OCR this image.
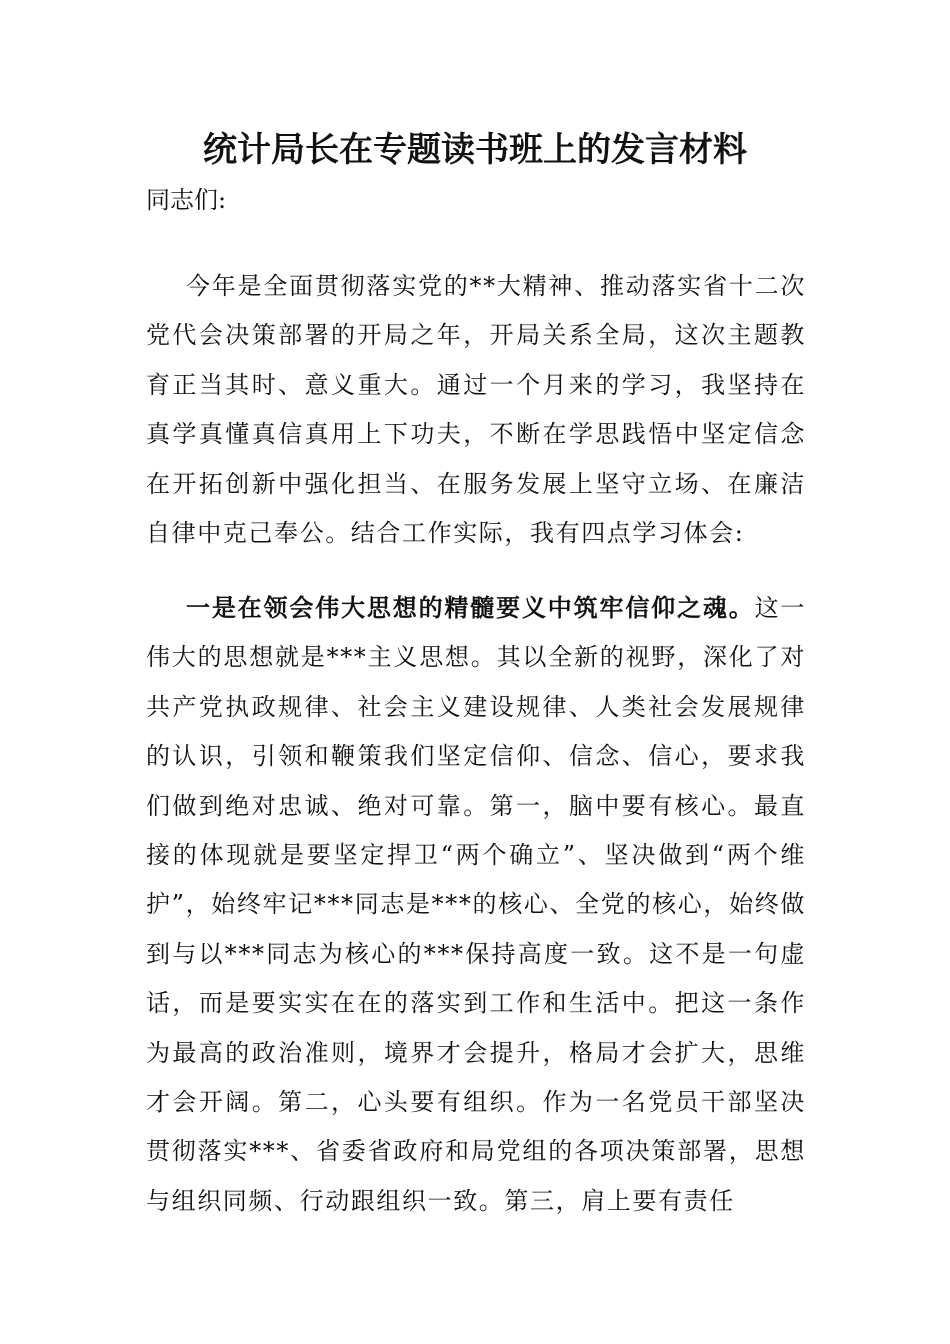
统计局长在专题读书班上的发言材料

同志们:

今年是全面贯彻落实党的**大精神、推动落实省十二次党代会决策部署的开局之年，开局关系全局，这次主题教育正当其时、意义重大。通过一个月来的学习，我坚持在真学真懂真信真用上下功夫，不断在学思践悟中坚定信念在开拓创新中强化担当、在服务发展上坚守立场、在廉洁自律中克己奉公。结合工作实际，我有四点学习体会:

一是在领会伟大思想的精髓要义中筑牢信仰之魂。这一伟大的思想就是***主义思想。其以全新的视野，深化了对共产党执政规律、社会主义建设规律、人类社会发展规律的认识，引领和鞭策我们坚定信仰、信念、信心，要求我们做到绝对忠诚、绝对可靠。第一，脑中要有核心。最直接的体现就是要坚定捍卫“两个确立”、坚决做到“两个维护”，始终牢记***同志是***的核心、全党的核心，始终做到与以***同志为核心的***保持高度一致。这不是一句虚话，而是要实实在在的落实到工作和生活中。把这一条作为最高的政治准则，境界才会提升，格局才会扩大，思维才会开阔。第二，心头要有组织。作为一名党员干部坚决贯彻落实***、省委省政府和局党组的各项决策部署，思想与组织同频、行动跟组织一致。第三，肩上要有责任
